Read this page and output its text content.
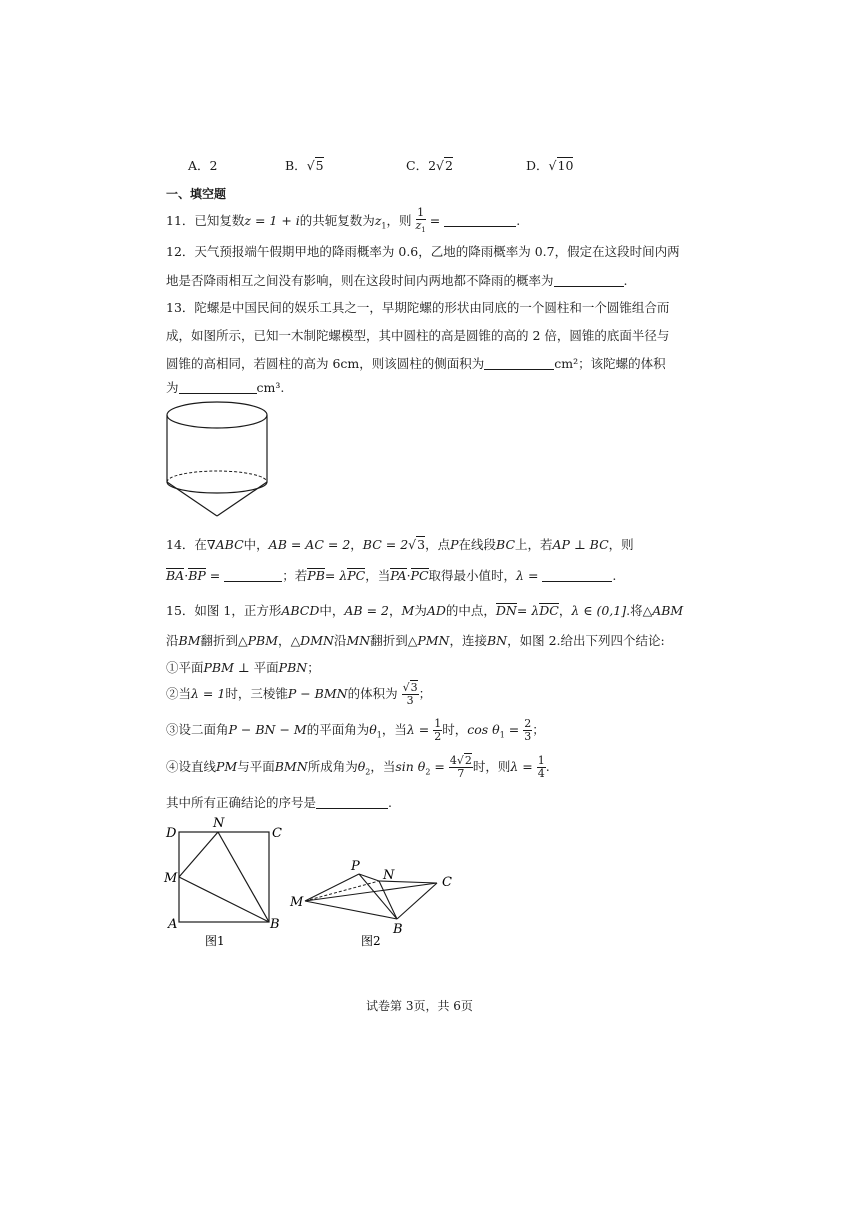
A．2	B．√5	C．2√2	D．√10
一、填空题
11．已知复数z = 1 + i的共轭复数为$z_1$，则 $\frac{1}{z_1}$ =	.
12．天气预报端午假期甲地的降雨概率为 0.6，乙地的降雨概率为 0.7，假定在这段时间内两
地是否降雨相互之间没有影响，则在这段时间内两地都不降雨的概率为	.
13．陀螺是中国民间的娱乐工具之一，早期陀螺的形状由同底的一个圆柱和一个圆锥组合而
成，如图所示，已知一木制陀螺模型，其中圆柱的高是圆锥的高的 2 倍，圆锥的底面半径与
圆锥的高相同，若圆柱的高为 6cm，则该圆柱的侧面积为	cm²；该陀螺的体积
为	cm³.
14．在∇ABC中，AB = AC = 2，BC = 2√3，点P在线段BC上，若AP ⊥ BC，则
BA·BP =	；若PB= λPC，当PA·PC取得最小值时，λ =	.
15．如图 1，正方形ABCD中，AB = 2，M为AD的中点，DN= λDC，λ ∈ (0,1].将△ABM
沿BM翻折到△PBM，△DMN沿MN翻折到△PMN，连接BN，如图 2.给出下列四个结论:
①平面PBM ⊥ 平面PBN；
②当λ = 1时，三棱锥P − BMN的体积为 $\frac{√3}{3}$ ；
③设二面角P − BN − M的平面角为$\theta_1$，当$\lambda = \frac{1}{2}$ 时，$\cos \theta_1 = \frac{2}{3}$ ；
④设直线PM与平面BMN所成角为$\theta_2$，当$\sin \theta_2 = \frac{4√2}{7}$ 时，则$\lambda = \frac{1}{4}$ .
其中所有正确结论的序号是	.
D
N
C
M
A	B
图1
P
N	C
M
B
图2
试卷第 3页，共 6页
